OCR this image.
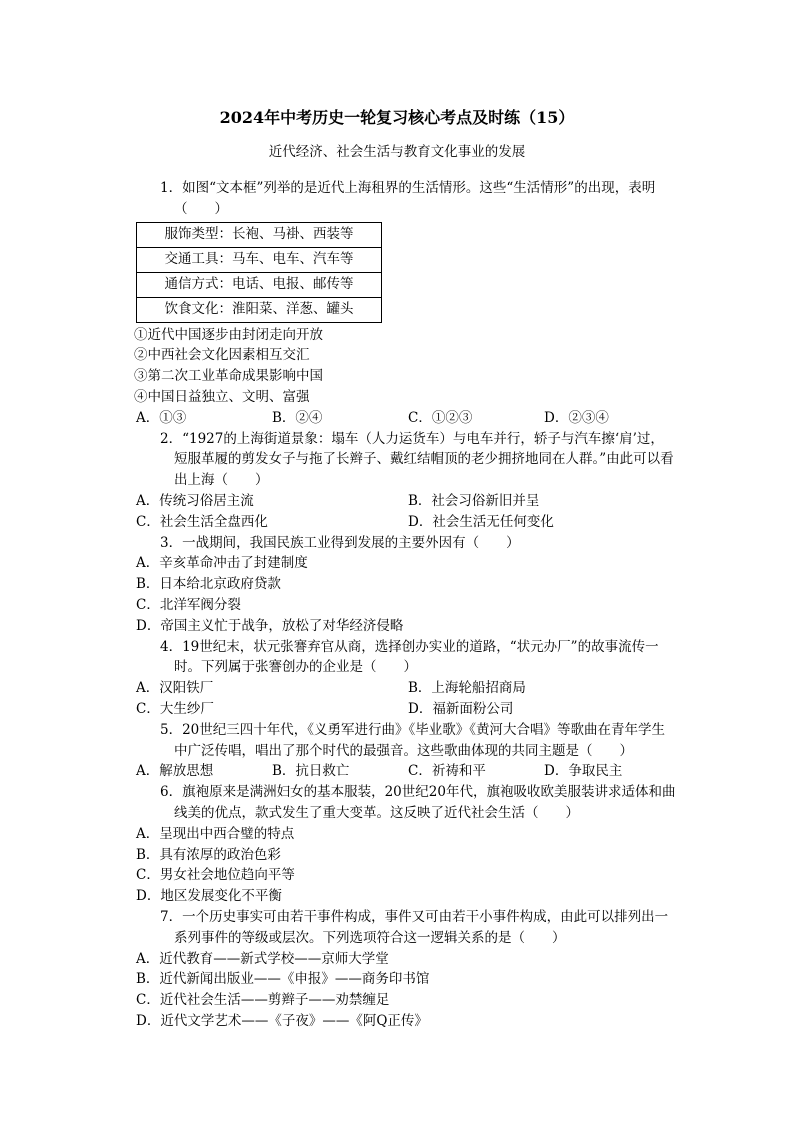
2024年中考历史一轮复习核心考点及时练（15）
近代经济、社会生活与教育文化事业的发展
1．如图“文本框”列举的是近代上海租界的生活情形。这些“生活情形”的出现，表明（　　）
服饰类型：长袍、马褂、西装等
交通工具：马车、电车、汽车等
通信方式：电话、电报、邮传等
饮食文化：淮阳菜、洋葱、罐头
①近代中国逐步由封闭走向开放
②中西社会文化因素相互交汇
③第二次工业革命成果影响中国
④中国日益独立、文明、富强
A．①③	B．②④	C．①②③	D．②③④
2．“1927的上海街道景象：塌车（人力运货车）与电车并行，轿子与汽车擦‘肩’过，短服革履的剪发女子与拖了长辫子、戴红结帽顶的老少拥挤地同在人群。”由此可以看出上海（　　）
A．传统习俗居主流	B．社会习俗新旧并呈
C．社会生活全盘西化	D．社会生活无任何变化
3．一战期间，我国民族工业得到发展的主要外因有（　　）
A．辛亥革命冲击了封建制度
B．日本给北京政府贷款
C．北洋军阀分裂
D．帝国主义忙于战争，放松了对华经济侵略
4．19世纪末，状元张謇弃官从商，选择创办实业的道路，“状元办厂”的故事流传一时。下列属于张謇创办的企业是（　　）
A．汉阳铁厂	B．上海轮船招商局
C．大生纱厂	D．福新面粉公司
5．20世纪三四十年代，《义勇军进行曲》《毕业歌》《黄河大合唱》等歌曲在青年学生中广泛传唱，唱出了那个时代的最强音。这些歌曲体现的共同主题是（　　）
A．解放思想	B．抗日救亡	C．祈祷和平	D．争取民主
6．旗袍原来是满洲妇女的基本服装，20世纪20年代，旗袍吸收欧美服装讲求适体和曲线美的优点，款式发生了重大变革。这反映了近代社会生活（　　）
A．呈现出中西合璧的特点
B．具有浓厚的政治色彩
C．男女社会地位趋向平等
D．地区发展变化不平衡
7．一个历史事实可由若干事件构成，事件又可由若干小事件构成，由此可以排列出一系列事件的等级或层次。下列选项符合这一逻辑关系的是（　　）
A．近代教育——新式学校——京师大学堂
B．近代新闻出版业——《申报》——商务印书馆
C．近代社会生活——剪辫子——劝禁缠足
D．近代文学艺术——《子夜》——《阿Q正传》
